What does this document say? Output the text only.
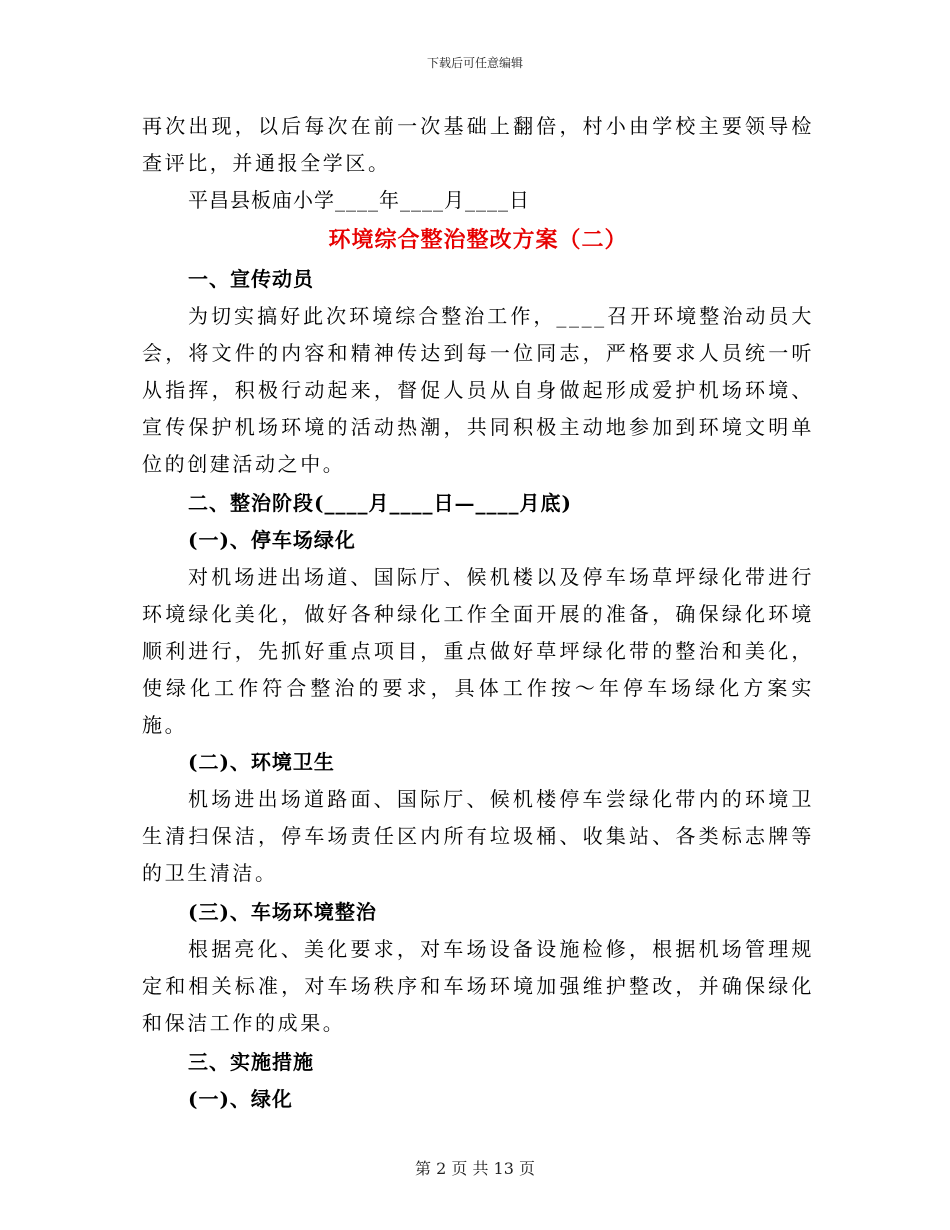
下载后可任意编辑

再次出现，以后每次在前一次基础上翻倍，村小由学校主要领导检查评比，并通报全学区。

平昌县板庙小学____年____月____日

环境综合整治整改方案（二）

一、宣传动员

为切实搞好此次环境综合整治工作，____召开环境整治动员大会，将文件的内容和精神传达到每一位同志，严格要求人员统一听从指挥，积极行动起来，督促人员从自身做起形成爱护机场环境、宣传保护机场环境的活动热潮，共同积极主动地参加到环境文明单位的创建活动之中。

二、整治阶段(____月____日—____月底)

(一)、停车场绿化

对机场进出场道、国际厅、候机楼以及停车场草坪绿化带进行环境绿化美化，做好各种绿化工作全面开展的准备，确保绿化环境顺利进行，先抓好重点项目，重点做好草坪绿化带的整治和美化，使绿化工作符合整治的要求，具体工作按～年停车场绿化方案实施。

(二)、环境卫生

机场进出场道路面、国际厅、候机楼停车尝绿化带内的环境卫生清扫保洁，停车场责任区内所有垃圾桶、收集站、各类标志牌等的卫生清洁。

(三)、车场环境整治

根据亮化、美化要求，对车场设备设施检修，根据机场管理规定和相关标准，对车场秩序和车场环境加强维护整改，并确保绿化和保洁工作的成果。

三、实施措施

(一)、绿化

第 2 页 共 13 页
